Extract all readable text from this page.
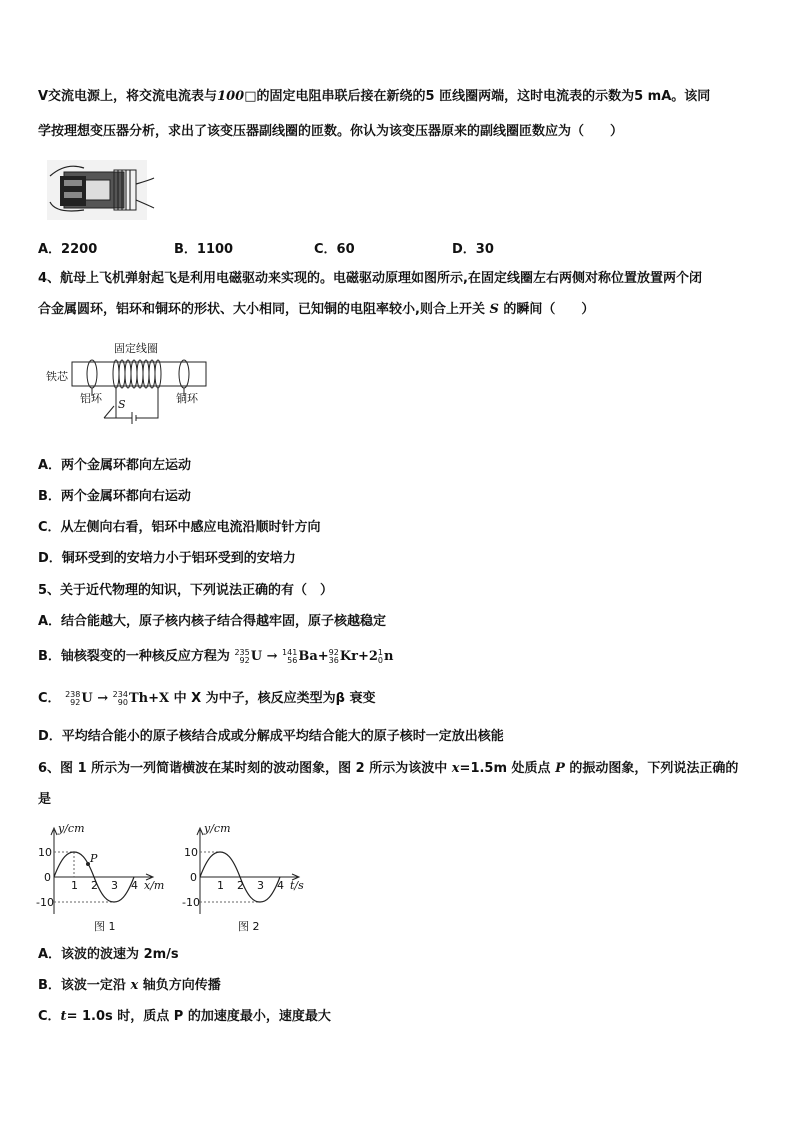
V交流电源上，将交流电流表与100□的固定电阻串联后接在新绕的5 匝线圈两端，这时电流表的示数为5 mA。该同
学按理想变压器分析，求出了该变压器副线圈的匝数。你认为该变压器原来的副线圈匝数应为（　　）
A．2200	B．1100	C．60	D．30
4、航母上飞机弹射起飞是利用电磁驱动来实现的。电磁驱动原理如图所示,在固定线圈左右两侧对称位置放置两个闭
合金属圆环，铝环和铜环的形状、大小相同，已知铜的电阻率较小,则合上开关 S 的瞬间（　　）
固定线圈
铁芯
铝环	铜环
S
A．两个金属环都向左运动
B．两个金属环都向右运动
C．从左侧向右看，铝环中感应电流沿顺时针方向
D．铜环受到的安培力小于铝环受到的安培力
5、关于近代物理的知识，下列说法正确的有（　）
A．结合能越大，原子核内核子结合得越牢固，原子核越稳定
B．铀核裂变的一种核反应方程为 235
92 U → 141
56 Ba+ 92
36 Kr+2 1
0 n
C． 238
92 U → 234
90 Th+X 中 X 为中子，核反应类型为β 衰变
D．平均结合能小的原子核结合成或分解成平均结合能大的原子核时一定放出核能
6、图 1 所示为一列简谐横波在某时刻的波动图象，图 2 所示为该波中 x=1.5m 处质点 P 的振动图象，下列说法正确的
是
y/cm
10
0
-10
1 2 3 4 x/m
P
图 1
y/cm
10
0
-10
1 2 3 4 t/s
图 2
A．该波的波速为 2m/s
B．该波一定沿 x 轴负方向传播
C．t= 1.0s 时，质点 P 的加速度最小，速度最大
